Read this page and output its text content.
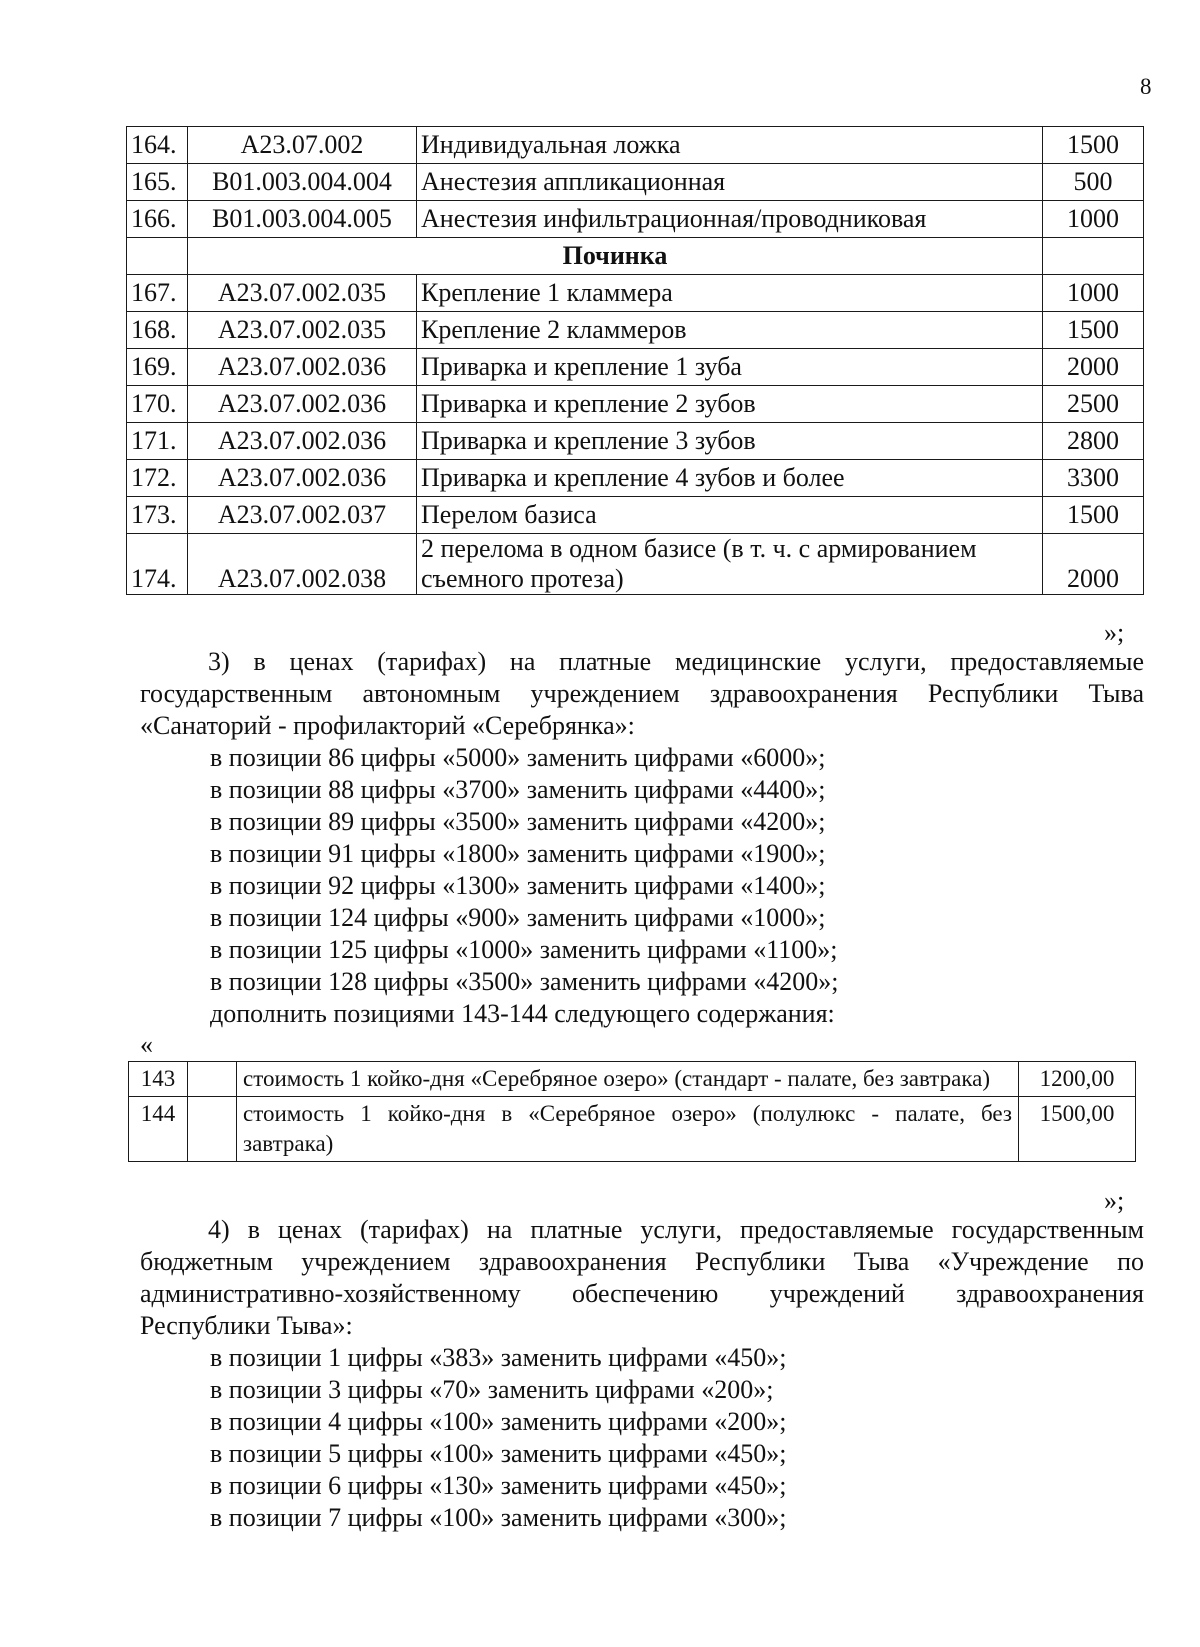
8
164.	A23.07.002	Индивидуальная ложка	1500
165.	B01.003.004.004	Анестезия аппликационная	500
166.	B01.003.004.005	Анестезия инфильтрационная/проводниковая	1000
	Починка		
167.	A23.07.002.035	Крепление 1 кламмера	1000
168.	A23.07.002.035	Крепление 2 кламмеров	1500
169.	A23.07.002.036	Приварка и крепление 1 зуба	2000
170.	A23.07.002.036	Приварка и крепление 2 зубов	2500
171.	A23.07.002.036	Приварка и крепление 3 зубов	2800
172.	A23.07.002.036	Приварка и крепление 4 зубов и более	3300
173.	A23.07.002.037	Перелом базиса	1500
174.	A23.07.002.038	2 перелома в одном базисе (в т. ч. с армированием съемного протеза)	2000
»;
3) в ценах (тарифах) на платные медицинские услуги, предоставляемые государственным автономным учреждением здравоохранения Республики Тыва «Санаторий - профилакторий «Серебрянка»:
в позиции 86 цифры «5000» заменить цифрами «6000»;
в позиции 88 цифры «3700» заменить цифрами «4400»;
в позиции 89 цифры «3500» заменить цифрами «4200»;
в позиции 91 цифры «1800» заменить цифрами «1900»;
в позиции 92 цифры «1300» заменить цифрами «1400»;
в позиции 124 цифры «900» заменить цифрами «1000»;
в позиции 125 цифры «1000» заменить цифрами «1100»;
в позиции 128 цифры «3500» заменить цифрами «4200»;
дополнить позициями 143-144 следующего содержания:
«
143		стоимость 1 койко-дня «Серебряное озеро» (стандарт - палате, без завтрака)	1200,00
144		стоимость 1 койко-дня в «Серебряное озеро» (полулюкс - палате, без завтрака)	1500,00
»;
4) в ценах (тарифах) на платные услуги, предоставляемые государственным бюджетным учреждением здравоохранения Республики Тыва «Учреждение по административно-хозяйственному обеспечению учреждений здравоохранения Республики Тыва»:
в позиции 1 цифры «383» заменить цифрами «450»;
в позиции 3 цифры «70» заменить цифрами «200»;
в позиции 4 цифры «100» заменить цифрами «200»;
в позиции 5 цифры «100» заменить цифрами «450»;
в позиции 6 цифры «130» заменить цифрами «450»;
в позиции 7 цифры «100» заменить цифрами «300»;
